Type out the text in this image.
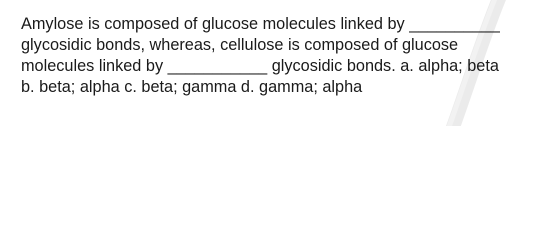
Amylose is composed of glucose molecules linked by __________
glycosidic bonds, whereas, cellulose is composed of glucose
molecules linked by ___________ glycosidic bonds. a. alpha; beta
b. beta; alpha c. beta; gamma d. gamma; alpha
